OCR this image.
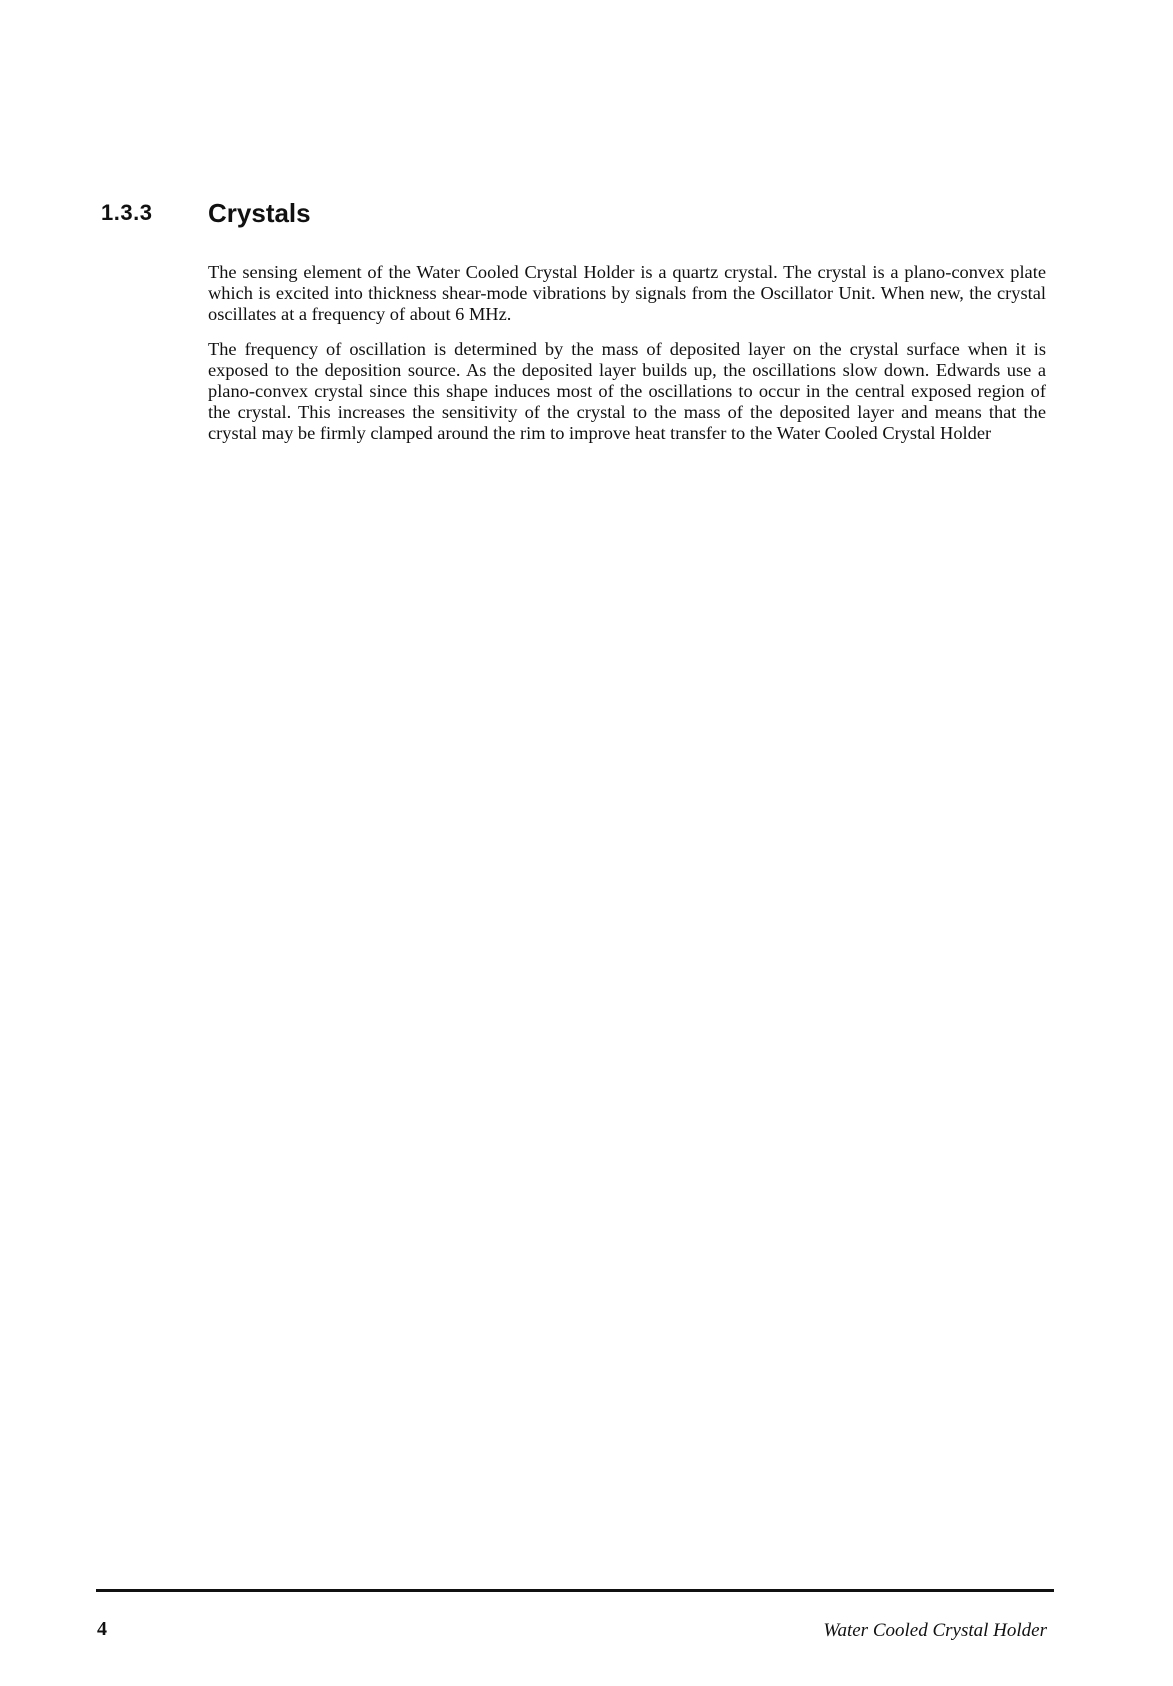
1.3.3 Crystals

The sensing element of the Water Cooled Crystal Holder is a quartz crystal. The crystal is a plano-convex plate which is excited into thickness shear-mode vibrations by signals from the Oscillator Unit. When new, the crystal oscillates at a frequency of about 6 MHz.

The frequency of oscillation is determined by the mass of deposited layer on the crystal surface when it is exposed to the deposition source. As the deposited layer builds up, the oscillations slow down. Edwards use a plano-convex crystal since this shape induces most of the oscillations to occur in the central exposed region of the crystal. This increases the sensitivity of the crystal to the mass of the deposited layer and means that the crystal may be firmly clamped around the rim to improve heat transfer to the Water Cooled Crystal Holder

4	Water Cooled Crystal Holder
